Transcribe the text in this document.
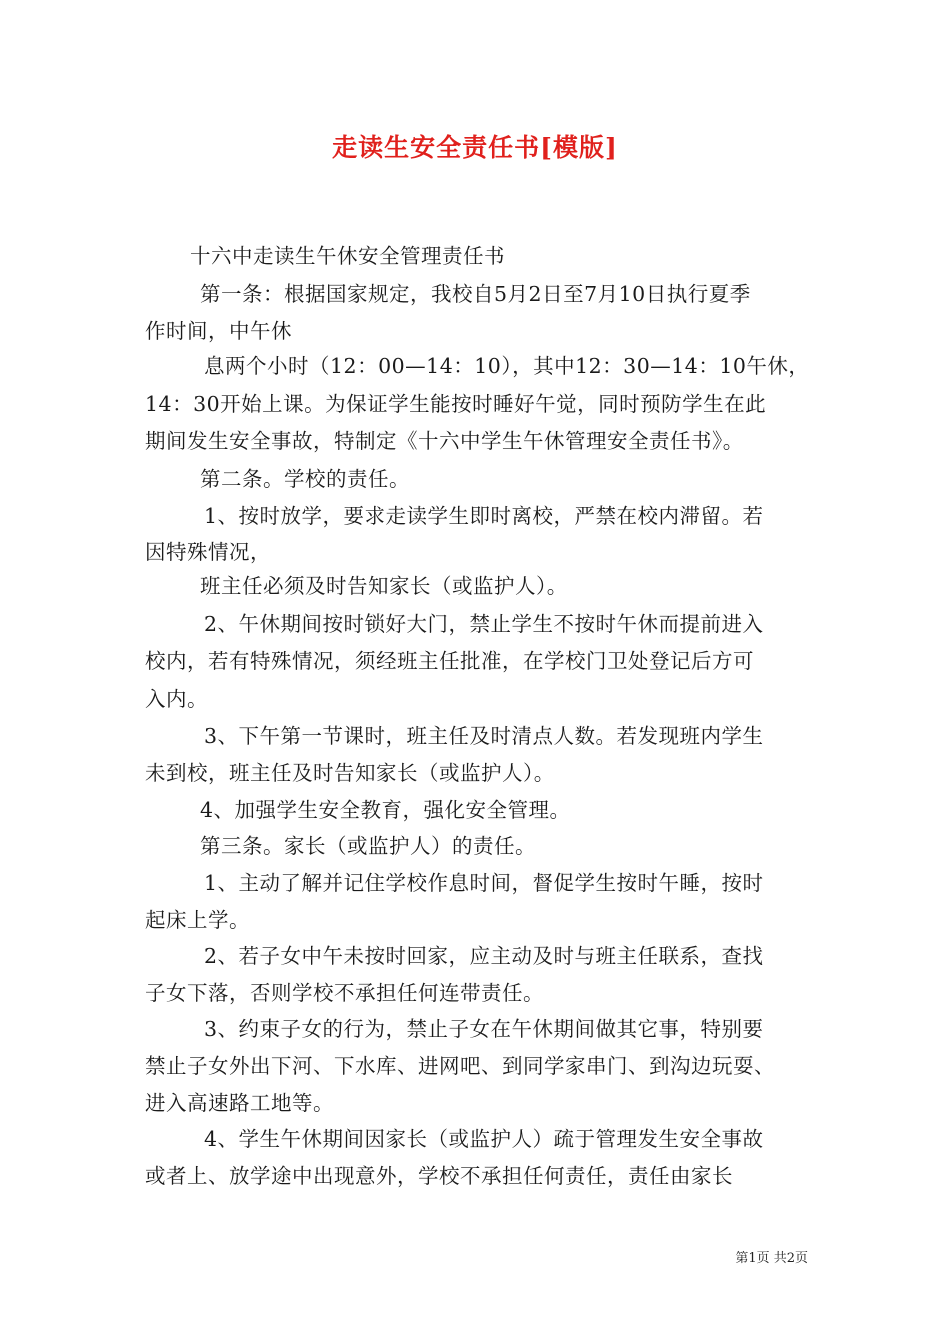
走读生安全责任书[模版]
十六中走读生午休安全管理责任书
第一条：根据国家规定，我校自5月2日至7月10日执行夏季
作时间，中午休
息两个小时（12：00—14：10），其中12：30—14：10午休，
14：30开始上课。为保证学生能按时睡好午觉，同时预防学生在此
期间发生安全事故，特制定《十六中学生午休管理安全责任书》。
第二条。学校的责任。
1、按时放学，要求走读学生即时离校，严禁在校内滞留。若
因特殊情况，
班主任必须及时告知家长（或监护人）。
2、午休期间按时锁好大门，禁止学生不按时午休而提前进入
校内，若有特殊情况，须经班主任批准，在学校门卫处登记后方可
入内。
3、下午第一节课时，班主任及时清点人数。若发现班内学生
未到校，班主任及时告知家长（或监护人）。
4、加强学生安全教育，强化安全管理。
第三条。家长（或监护人）的责任。
1、主动了解并记住学校作息时间，督促学生按时午睡，按时
起床上学。
2、若子女中午未按时回家，应主动及时与班主任联系，查找
子女下落，否则学校不承担任何连带责任。
3、约束子女的行为，禁止子女在午休期间做其它事，特别要
禁止子女外出下河、下水库、进网吧、到同学家串门、到沟边玩耍、
进入高速路工地等。
4、学生午休期间因家长（或监护人）疏于管理发生安全事故
或者上、放学途中出现意外，学校不承担任何责任，责任由家长
第1页 共2页
